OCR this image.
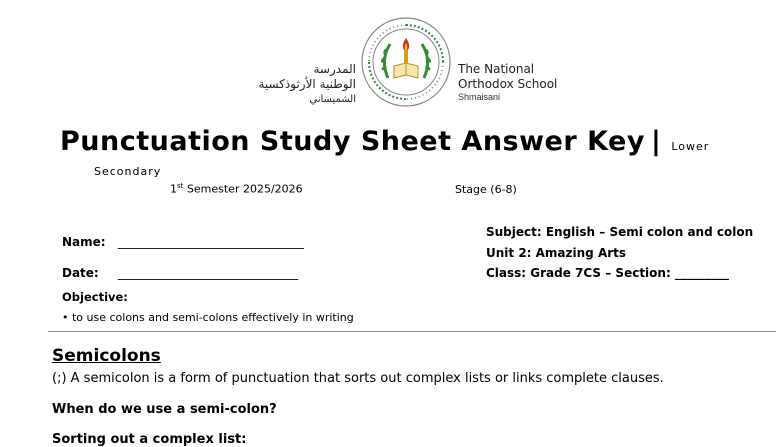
المدرسة
الوطنية الأرثوذكسية
الشميساني
The National
Orthodox School
Shmaisani
Punctuation Study Sheet Answer Key | Lower
Secondary
1st Semester 2025/2026	Stage (6-8)
Subject: English – Semi colon and colon
Unit 2: Amazing Arts
Class: Grade 7CS – Section: _________
Name: _______________________________
Date: ______________________________
Objective:
• to use colons and semi-colons effectively in writing
Semicolons
(;) A semicolon is a form of punctuation that sorts out complex lists or links complete clauses.
When do we use a semi-colon?
Sorting out a complex list:
